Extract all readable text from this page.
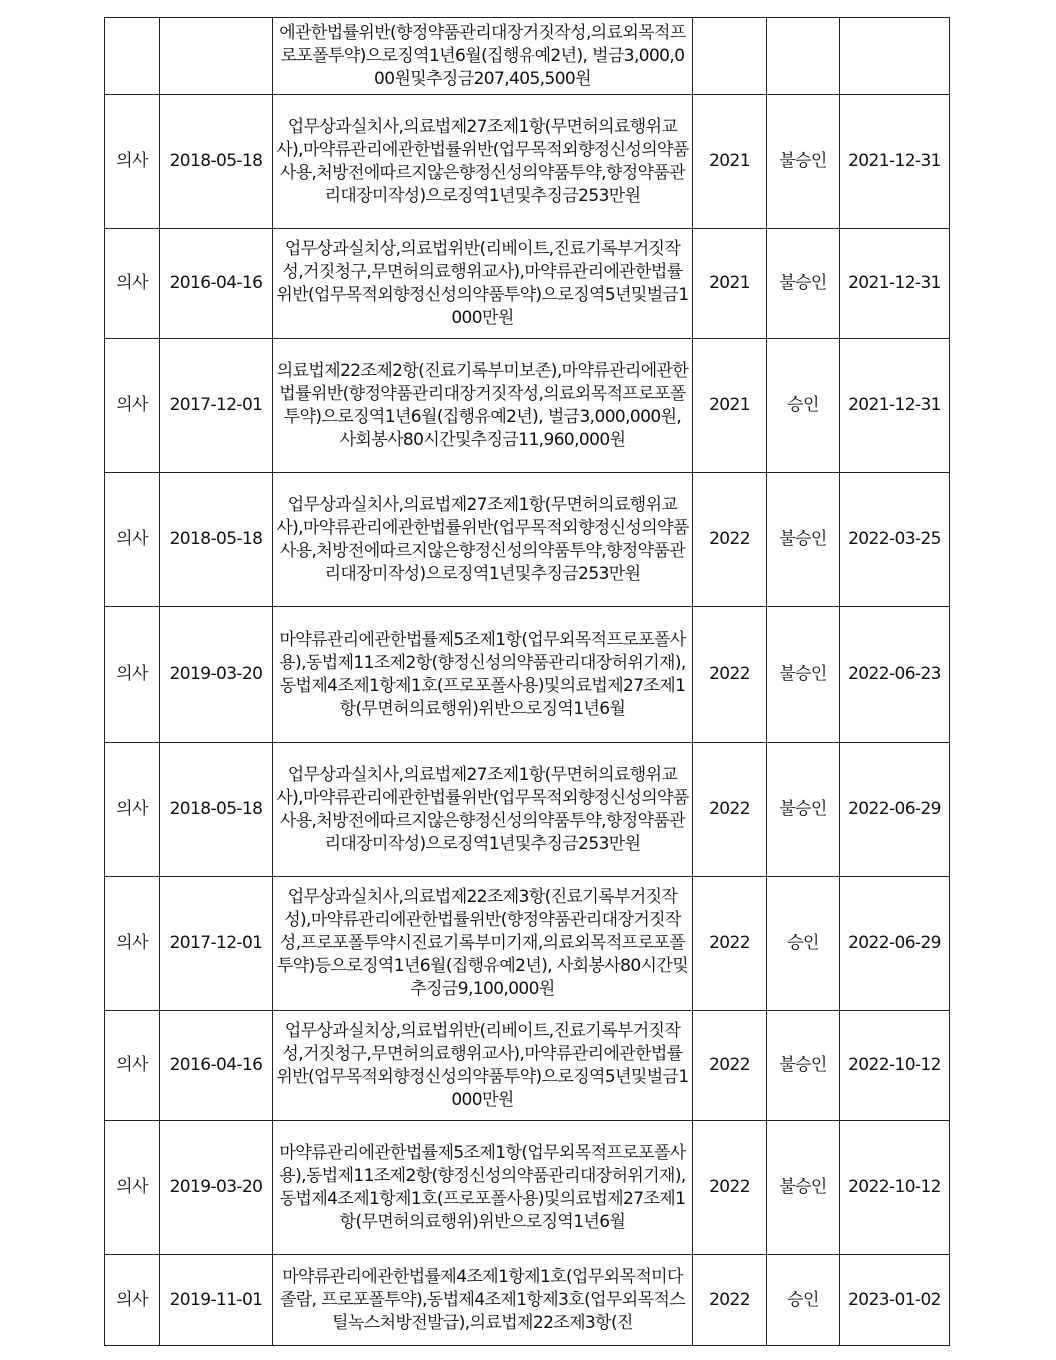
		에관한법률위반(향정약품관리대장거짓작성,의료외목적프로포폴투약)으로징역1년6월(집행유예2년), 벌금3,000,000원및추징금207,405,500원			
의사	2018-05-18	업무상과실치사,의료법제27조제1항(무면허의료행위교사),마약류관리에관한법률위반(업무목적외향정신성의약품사용,처방전에따르지않은향정신성의약품투약,향정약품관리대장미작성)으로징역1년및추징금253만원	2021	불승인	2021-12-31
의사	2016-04-16	업무상과실치상,의료법위반(리베이트,진료기록부거짓작성,거짓청구,무면허의료행위교사),마약류관리에관한법률위반(업무목적외향정신성의약품투약)으로징역5년및벌금1000만원	2021	불승인	2021-12-31
의사	2017-12-01	의료법제22조제2항(진료기록부미보존),마약류관리에관한법률위반(향정약품관리대장거짓작성,의료외목적프로포폴투약)으로징역1년6월(집행유예2년), 벌금3,000,000원,사회봉사80시간및추징금11,960,000원	2021	승인	2021-12-31
의사	2018-05-18	업무상과실치사,의료법제27조제1항(무면허의료행위교사),마약류관리에관한법률위반(업무목적외향정신성의약품사용,처방전에따르지않은향정신성의약품투약,향정약품관리대장미작성)으로징역1년및추징금253만원	2022	불승인	2022-03-25
의사	2019-03-20	마약류관리에관한법률제5조제1항(업무외목적프로포폴사용),동법제11조제2항(향정신성의약품관리대장허위기재), 동법제4조제1항제1호(프로포폴사용)및의료법제27조제1항(무면허의료행위)위반으로징역1년6월	2022	불승인	2022-06-23
의사	2018-05-18	업무상과실치사,의료법제27조제1항(무면허의료행위교사),마약류관리에관한법률위반(업무목적외향정신성의약품사용,처방전에따르지않은향정신성의약품투약,향정약품관리대장미작성)으로징역1년및추징금253만원	2022	불승인	2022-06-29
의사	2017-12-01	업무상과실치사,의료법제22조제3항(진료기록부거짓작성),마약류관리에관한법률위반(향정약품관리대장거짓작성,프로포폴투약시진료기록부미기재,의료외목적프로포폴투약)등으로징역1년6월(집행유예2년), 사회봉사80시간및추징금9,100,000원	2022	승인	2022-06-29
의사	2016-04-16	업무상과실치상,의료법위반(리베이트,진료기록부거짓작성,거짓청구,무면허의료행위교사),마약류관리에관한법률위반(업무목적외향정신성의약품투약)으로징역5년및벌금1000만원	2022	불승인	2022-10-12
의사	2019-03-20	마약류관리에관한법률제5조제1항(업무외목적프로포폴사용),동법제11조제2항(향정신성의약품관리대장허위기재), 동법제4조제1항제1호(프로포폴사용)및의료법제27조제1항(무면허의료행위)위반으로징역1년6월	2022	불승인	2022-10-12
의사	2019-11-01	마약류관리에관한법률제4조제1항제1호(업무외목적미다졸람, 프로포폴투약),동법제4조제1항제3호(업무외목적스틸녹스처방전발급),의료법제22조제3항(진	2022	승인	2023-01-02
